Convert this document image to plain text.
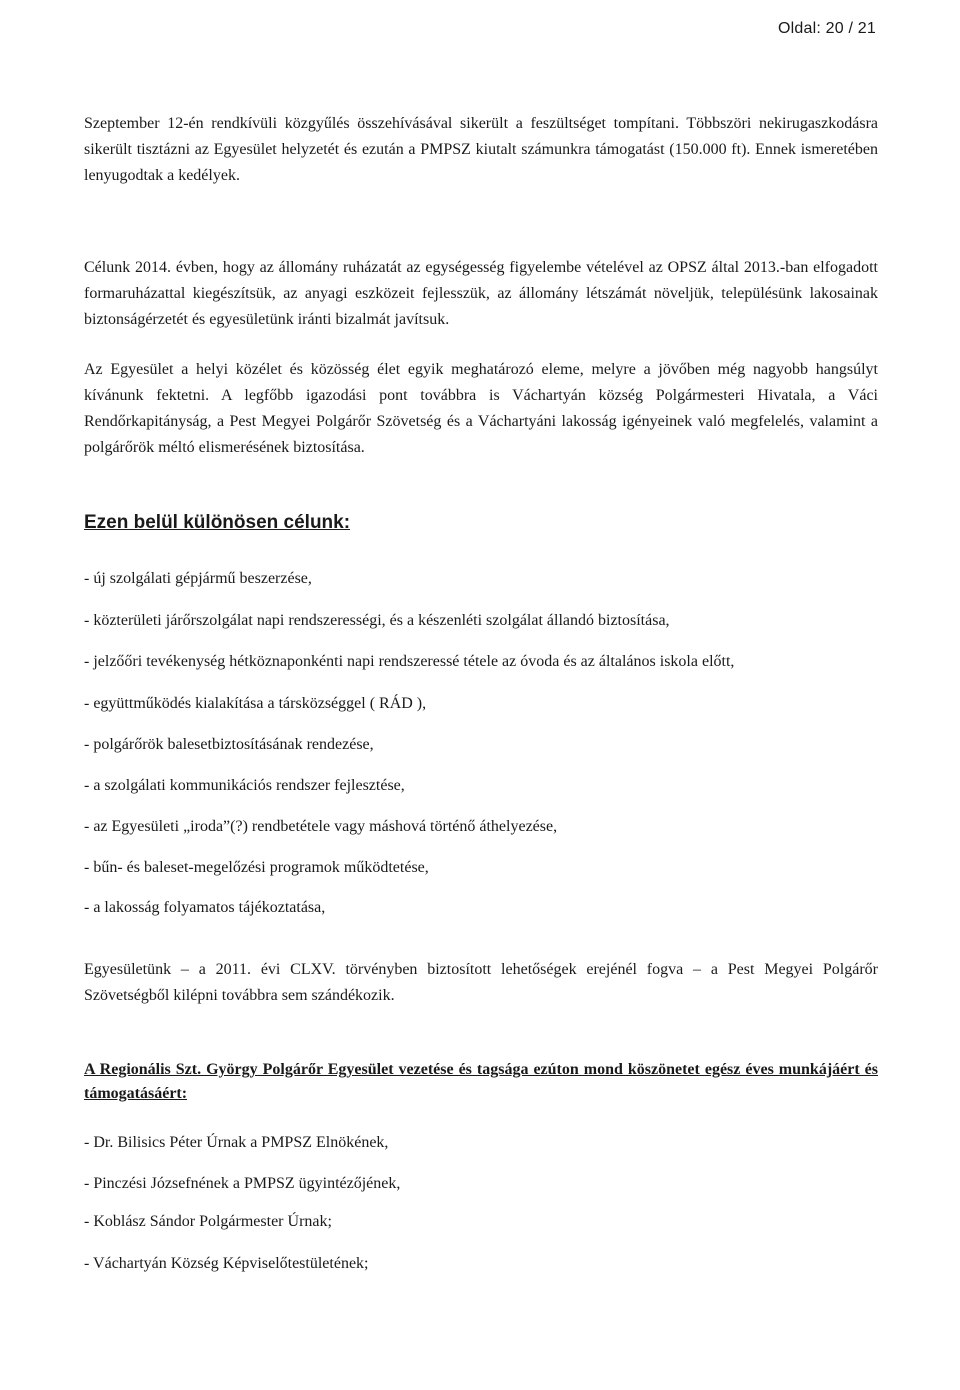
Oldal: 20 / 21

Szeptember 12-én rendkívüli közgyűlés összehívásával sikerült a feszültséget tompítani. Többszöri nekirugaszkodásra sikerült tisztázni az Egyesület helyzetét és ezután a PMPSZ kiutalt számunkra támogatást (150.000 ft). Ennek ismeretében lenyugodtak a kedélyek.

Célunk 2014. évben, hogy az állomány ruházatát az egységesség figyelembe vételével az OPSZ által 2013.-ban elfogadott formaruházattal kiegészítsük, az anyagi eszközeit fejlesszük, az állomány létszámát növeljük, településünk lakosainak biztonságérzetét és egyesületünk iránti bizalmát javítsuk.

Az Egyesület a helyi közélet és közösség élet egyik meghatározó eleme, melyre a jövőben még nagyobb hangsúlyt kívánunk fektetni. A legfőbb igazodási pont továbbra is Váchartyán község Polgármesteri Hivatala, a Váci Rendőrkapitányság, a Pest Megyei Polgárőr Szövetség és a Váchartyáni lakosság igényeinek való megfelelés, valamint a polgárőrök méltó elismerésének biztosítása.

Ezen belül különösen célunk:

- új szolgálati gépjármű beszerzése,

- közterületi járőrszolgálat napi rendszerességi, és a készenléti szolgálat állandó biztosítása,

- jelzőőri tevékenység hétköznaponkénti napi rendszeressé tétele az óvoda és az általános iskola előtt,

- együttműködés kialakítása a társközséggel ( RÁD ),

- polgárőrök balesetbiztosításának rendezése,

- a szolgálati kommunikációs rendszer fejlesztése,

- az Egyesületi „iroda”(?) rendbetétele vagy máshová történő áthelyezése,

- bűn- és baleset-megelőzési programok működtetése,

- a lakosság folyamatos tájékoztatása,

Egyesületünk – a 2011. évi CLXV. törvényben biztosított lehetőségek erejénél fogva – a Pest Megyei Polgárőr Szövetségből kilépni továbbra sem szándékozik.

A Regionális Szt. György Polgárőr Egyesület vezetése és tagsága ezúton mond köszönetet egész éves munkájáért és támogatásáért:

- Dr. Bilisics Péter Úrnak a PMPSZ Elnökének,

- Pinczési Józsefnének a PMPSZ ügyintézőjének,

- Koblász Sándor Polgármester Úrnak;

- Váchartyán Község Képviselőtestületének;
